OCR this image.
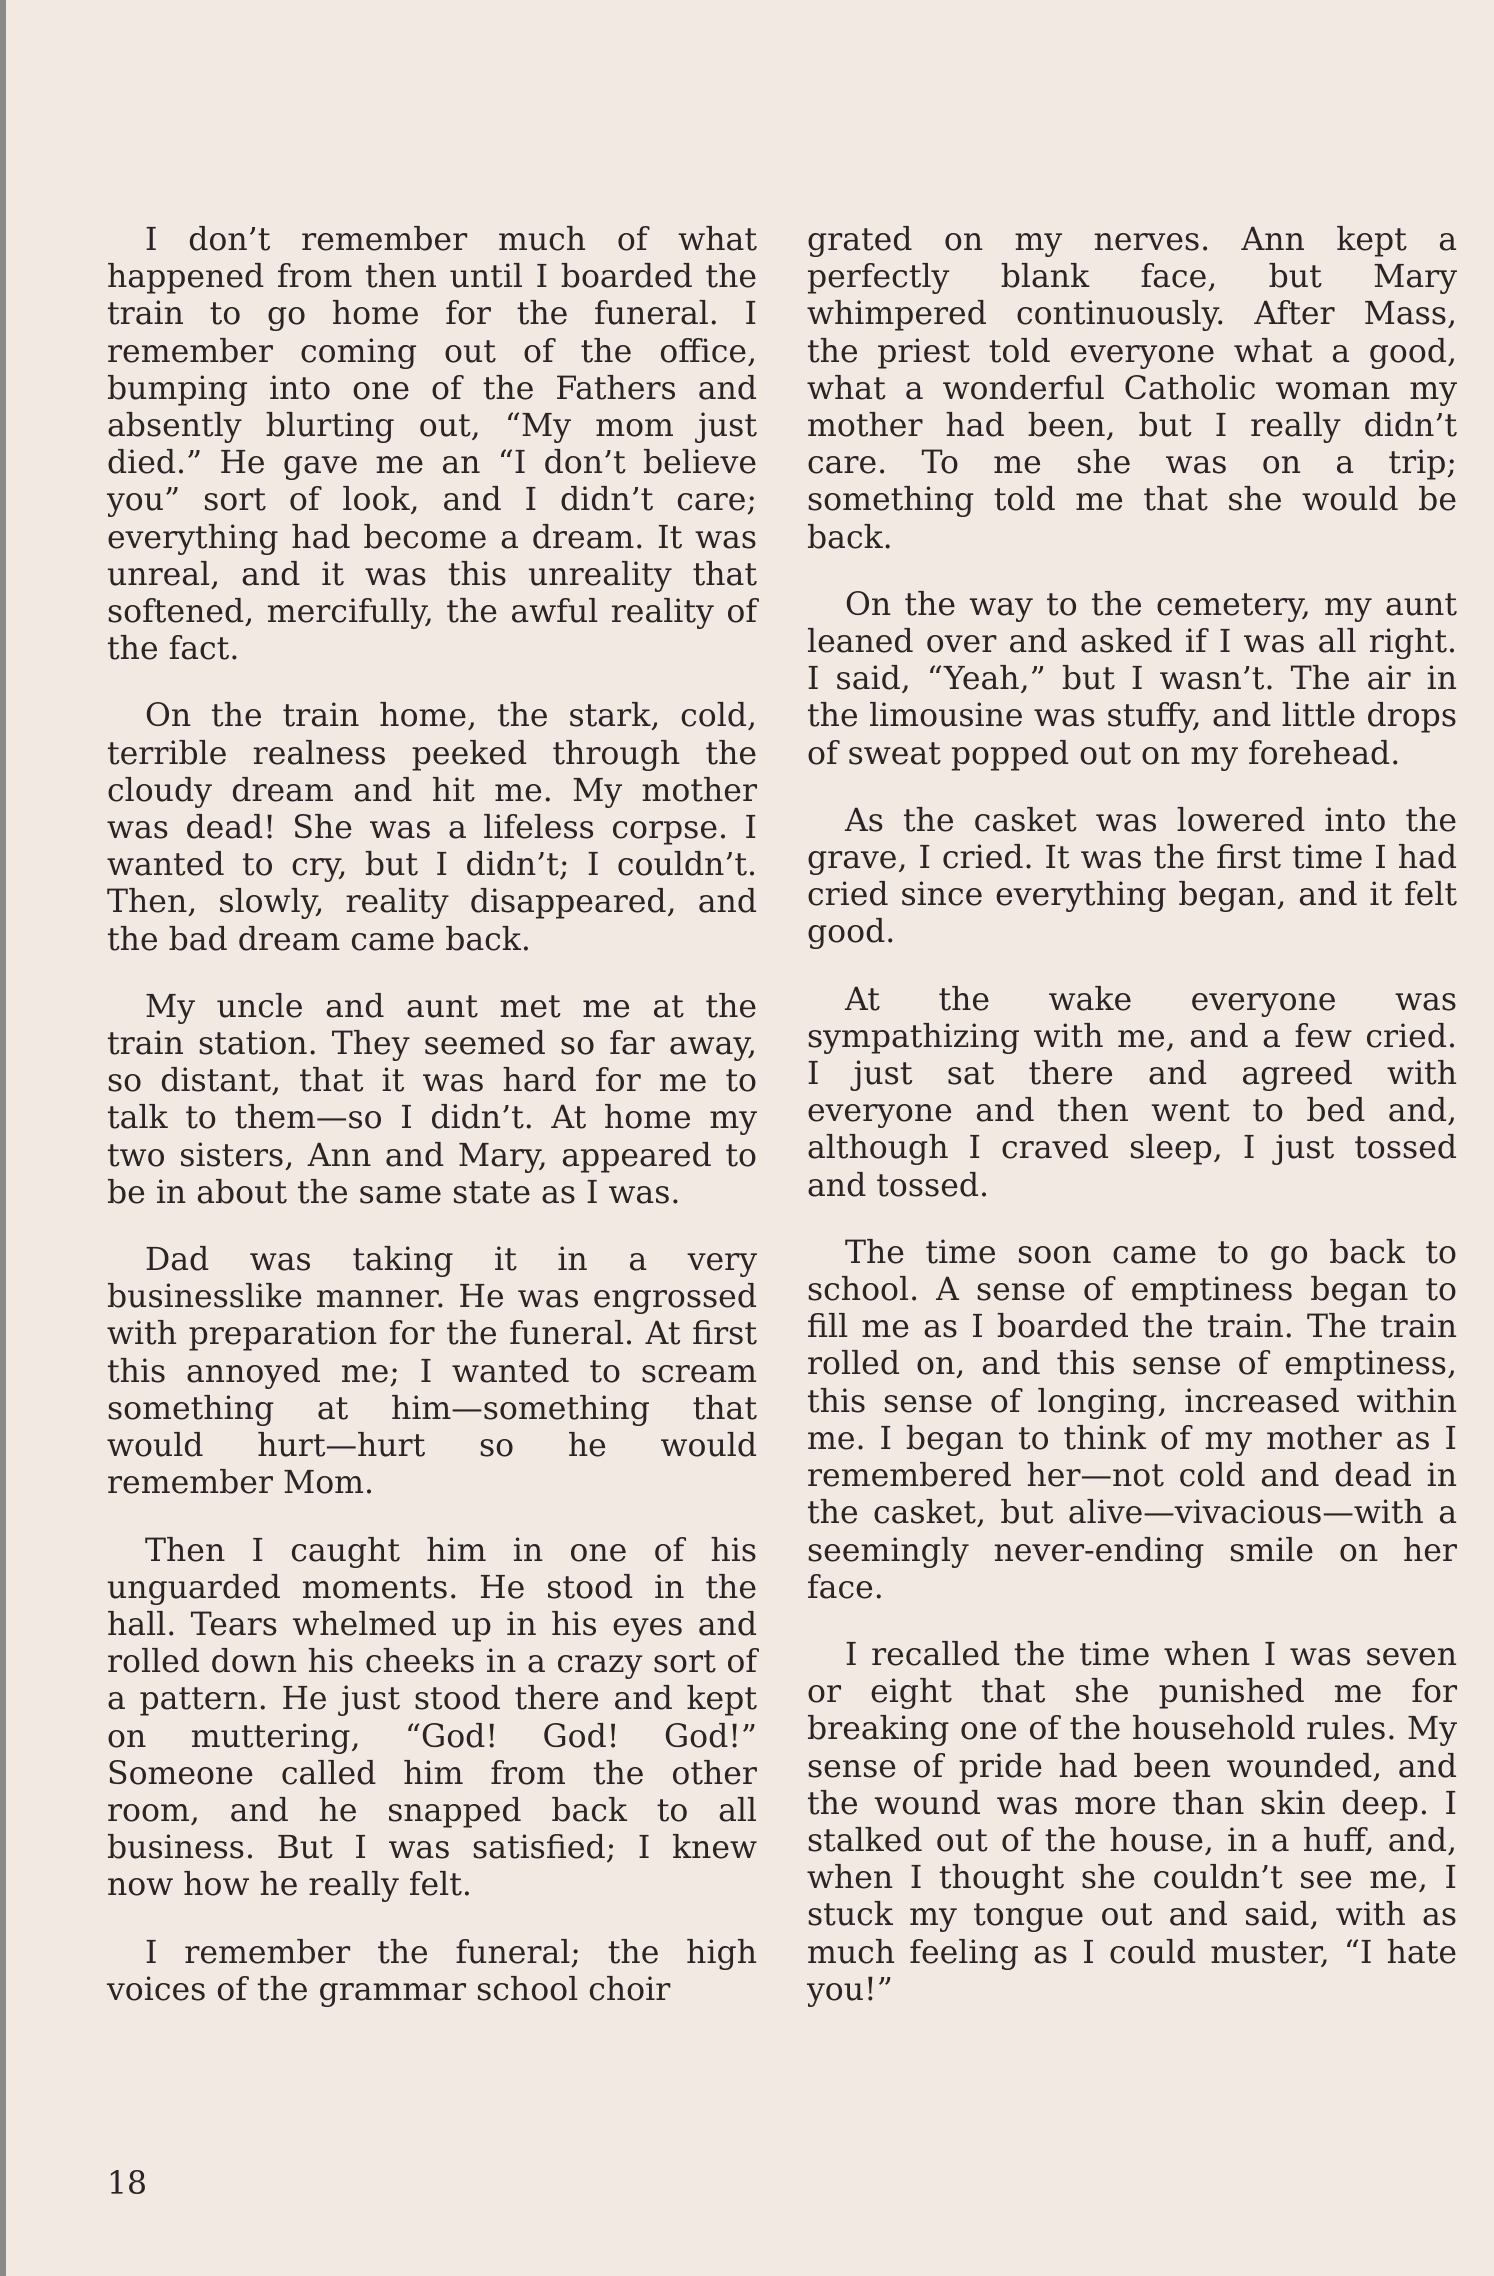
I don’t remember much of what happened from then until I boarded the train to go home for the funeral. I remember coming out of the office, bumping into one of the Fathers and absently blurting out, “My mom just died.” He gave me an “I don’t believe you” sort of look, and I didn’t care; everything had become a dream. It was unreal, and it was this unreality that softened, mercifully, the awful reality of the fact.

On the train home, the stark, cold, terrible realness peeked through the cloudy dream and hit me. My mother was dead! She was a lifeless corpse. I wanted to cry, but I didn’t; I couldn’t. Then, slowly, reality disappeared, and the bad dream came back.

My uncle and aunt met me at the train station. They seemed so far away, so distant, that it was hard for me to talk to them—so I didn’t. At home my two sisters, Ann and Mary, appeared to be in about the same state as I was.

Dad was taking it in a very businesslike manner. He was engrossed with preparation for the funeral. At first this annoyed me; I wanted to scream something at him—something that would hurt—hurt so he would remember Mom.

Then I caught him in one of his unguarded moments. He stood in the hall. Tears whelmed up in his eyes and rolled down his cheeks in a crazy sort of a pattern. He just stood there and kept on muttering, “God! God! God!” Someone called him from the other room, and he snapped back to all business. But I was satisfied; I knew now how he really felt.

I remember the funeral; the high voices of the grammar school choir

grated on my nerves. Ann kept a perfectly blank face, but Mary whimpered continuously. After Mass, the priest told everyone what a good, what a wonderful Catholic woman my mother had been, but I really didn’t care. To me she was on a trip; something told me that she would be back.

On the way to the cemetery, my aunt leaned over and asked if I was all right. I said, “Yeah,” but I wasn’t. The air in the limousine was stuffy, and little drops of sweat popped out on my forehead.

As the casket was lowered into the grave, I cried. It was the first time I had cried since everything began, and it felt good.

At the wake everyone was sympathizing with me, and a few cried. I just sat there and agreed with everyone and then went to bed and, although I craved sleep, I just tossed and tossed.

The time soon came to go back to school. A sense of emptiness began to fill me as I boarded the train. The train rolled on, and this sense of emptiness, this sense of longing, increased within me. I began to think of my mother as I remembered her—not cold and dead in the casket, but alive—vivacious—with a seemingly never-ending smile on her face.

I recalled the time when I was seven or eight that she punished me for breaking one of the household rules. My sense of pride had been wounded, and the wound was more than skin deep. I stalked out of the house, in a huff, and, when I thought she couldn’t see me, I stuck my tongue out and said, with as much feeling as I could muster, “I hate you!”

18
